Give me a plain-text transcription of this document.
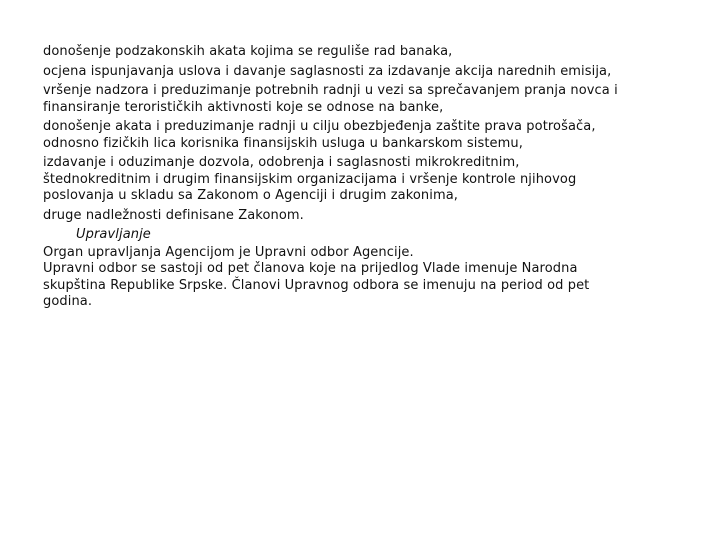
donošenje podzakonskih akata kojima se reguliše rad banaka,

ocjena ispunjavanja uslova i davanje saglasnosti za izdavanje akcija narednih emisija,

vršenje nadzora i preduzimanje potrebnih radnji u vezi sa sprečavanjem pranja novca i
finansiranje terorističkih aktivnosti koje se odnose na banke,

donošenje akata i preduzimanje radnji u cilju obezbjeđenja zaštite prava potrošača,
odnosno fizičkih lica korisnika finansijskih usluga u bankarskom sistemu,

izdavanje i oduzimanje dozvola, odobrenja i saglasnosti mikrokreditnim,
štednokreditnim i drugim finansijskim organizacijama i vršenje kontrole njihovog
poslovanja u skladu sa Zakonom o Agenciji i drugim zakonima,

druge nadležnosti definisane Zakonom.

Upravljanje

Organ upravljanja Agencijom je Upravni odbor Agencije.

Upravni odbor se sastoji od pet članova koje na prijedlog Vlade imenuje Narodna
skupština Republike Srpske. Članovi Upravnog odbora se imenuju na period od pet
godina.
